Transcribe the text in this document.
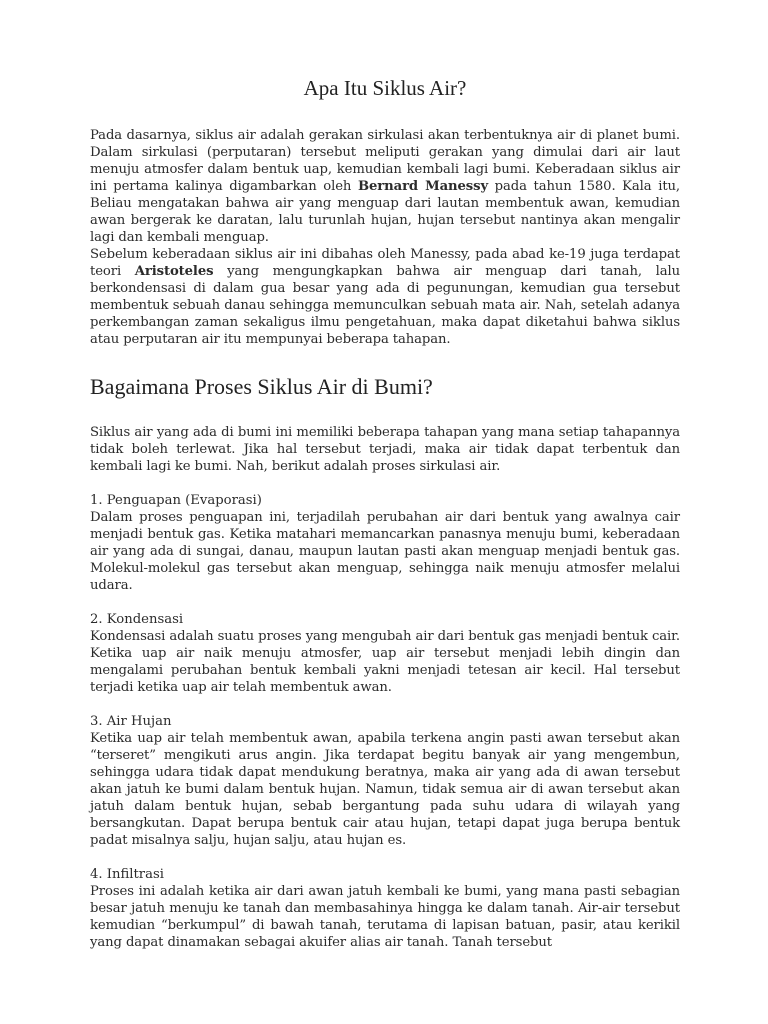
Apa Itu Siklus Air?

Pada dasarnya, siklus air adalah gerakan sirkulasi akan terbentuknya air di planet bumi. Dalam sirkulasi (perputaran) tersebut meliputi gerakan yang dimulai dari air laut menuju atmosfer dalam bentuk uap, kemudian kembali lagi bumi. Keberadaan siklus air ini pertama kalinya digambarkan oleh Bernard Manessy pada tahun 1580. Kala itu, Beliau mengatakan bahwa air yang menguap dari lautan membentuk awan, kemudian awan bergerak ke daratan, lalu turunlah hujan, hujan tersebut nantinya akan mengalir lagi dan kembali menguap.

Sebelum keberadaan siklus air ini dibahas oleh Manessy, pada abad ke-19 juga terdapat teori Aristoteles yang mengungkapkan bahwa air menguap dari tanah, lalu berkondensasi di dalam gua besar yang ada di pegunungan, kemudian gua tersebut membentuk sebuah danau sehingga memunculkan sebuah mata air. Nah, setelah adanya perkembangan zaman sekaligus ilmu pengetahuan, maka dapat diketahui bahwa siklus atau perputaran air itu mempunyai beberapa tahapan.

Bagaimana Proses Siklus Air di Bumi?

Siklus air yang ada di bumi ini memiliki beberapa tahapan yang mana setiap tahapannya tidak boleh terlewat. Jika hal tersebut terjadi, maka air tidak dapat terbentuk dan kembali lagi ke bumi. Nah, berikut adalah proses sirkulasi air.

1. Penguapan (Evaporasi)

Dalam proses penguapan ini, terjadilah perubahan air dari bentuk yang awalnya cair menjadi bentuk gas. Ketika matahari memancarkan panasnya menuju bumi, keberadaan air yang ada di sungai, danau, maupun lautan pasti akan menguap menjadi bentuk gas. Molekul-molekul gas tersebut akan menguap, sehingga naik menuju atmosfer melalui udara.

2. Kondensasi

Kondensasi adalah suatu proses yang mengubah air dari bentuk gas menjadi bentuk cair. Ketika uap air naik menuju atmosfer, uap air tersebut menjadi lebih dingin dan mengalami perubahan bentuk kembali yakni menjadi tetesan air kecil. Hal tersebut terjadi ketika uap air telah membentuk awan.

3. Air Hujan

Ketika uap air telah membentuk awan, apabila terkena angin pasti awan tersebut akan “terseret” mengikuti arus angin. Jika terdapat begitu banyak air yang mengembun, sehingga udara tidak dapat mendukung beratnya, maka air yang ada di awan tersebut akan jatuh ke bumi dalam bentuk hujan. Namun, tidak semua air di awan tersebut akan jatuh dalam bentuk hujan, sebab bergantung pada suhu udara di wilayah yang bersangkutan. Dapat berupa bentuk cair atau hujan, tetapi dapat juga berupa bentuk padat misalnya salju, hujan salju, atau hujan es.

4. Infiltrasi

Proses ini adalah ketika air dari awan jatuh kembali ke bumi, yang mana pasti sebagian besar jatuh menuju ke tanah dan membasahinya hingga ke dalam tanah. Air-air tersebut kemudian “berkumpul” di bawah tanah, terutama di lapisan batuan, pasir, atau kerikil yang dapat dinamakan sebagai akuifer alias air tanah. Tanah tersebut
